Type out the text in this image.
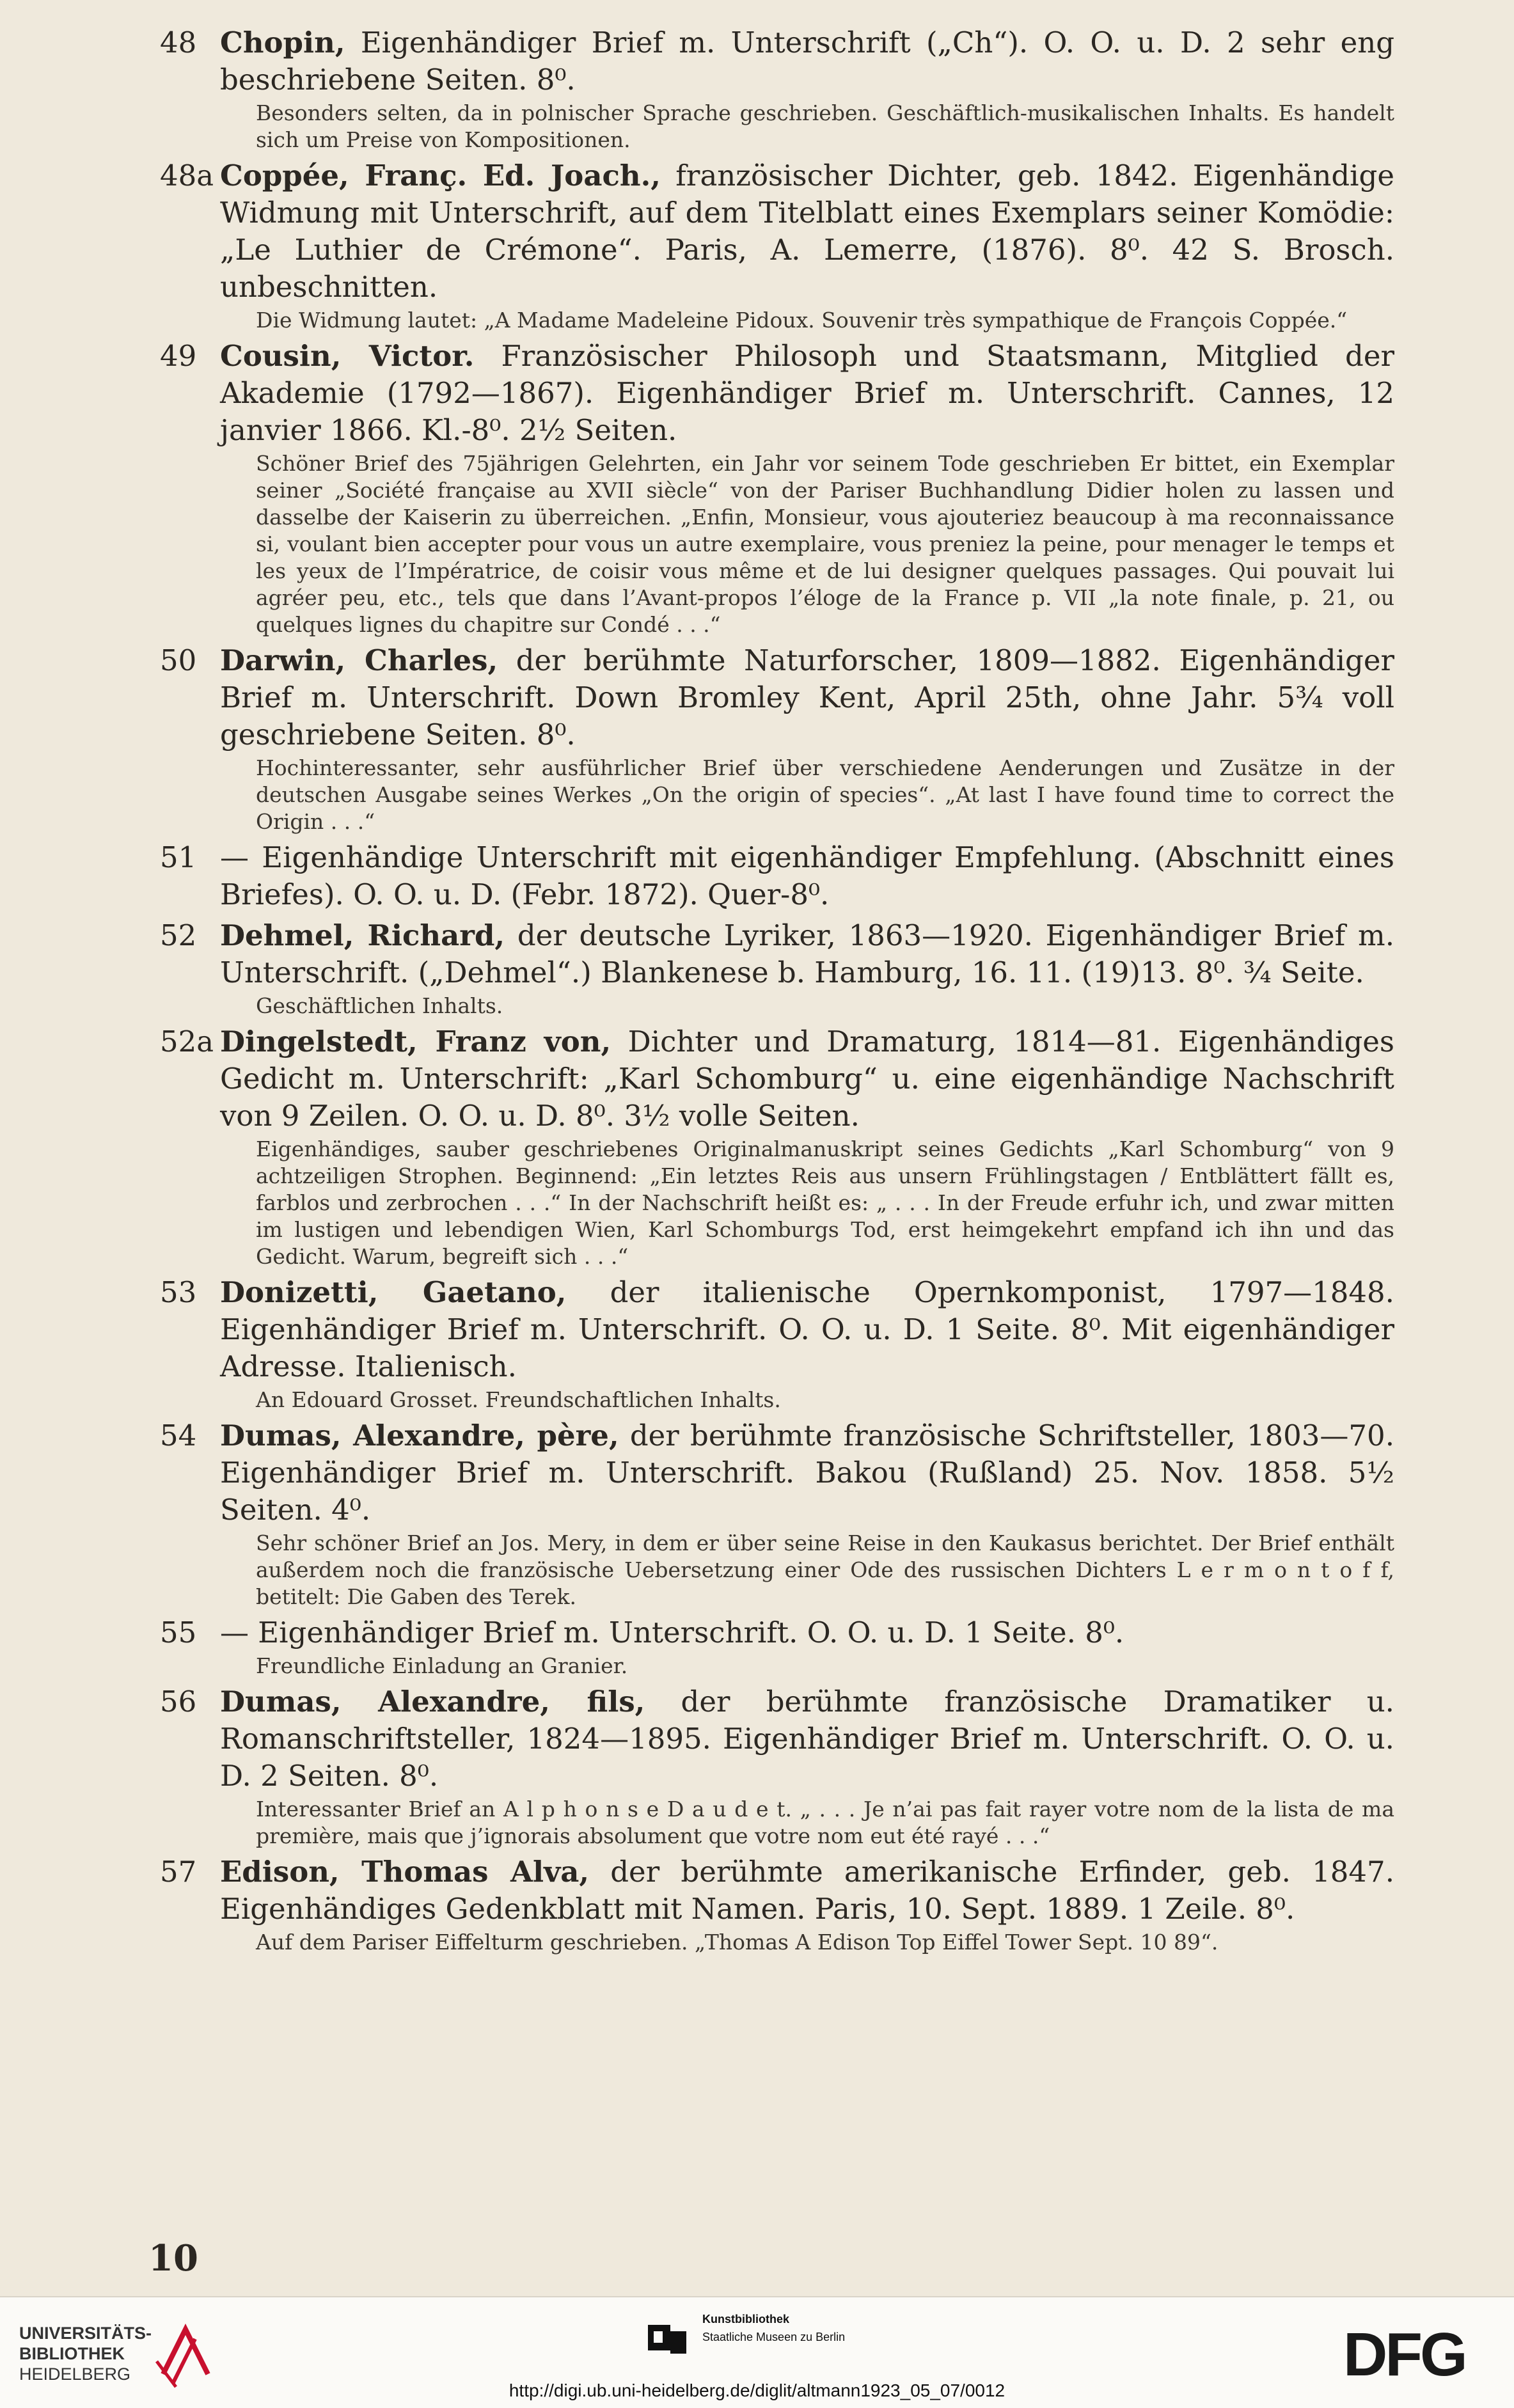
48 Chopin, Eigenhändiger Brief m. Unterschrift („Ch“). O. O. u. D. 2 sehr eng beschriebene Seiten. 8⁰.
Besonders selten, da in polnischer Sprache geschrieben. Geschäftlich-musikalischen Inhalts. Es handelt sich um Preise von Kompositionen.
48a Coppée, Franç. Ed. Joach., französischer Dichter, geb. 1842. Eigenhändige Widmung mit Unterschrift, auf dem Titelblatt eines Exemplars seiner Komödie: „Le Luthier de Crémone“. Paris, A. Lemerre, (1876). 8⁰. 42 S. Brosch. unbeschnitten.
Die Widmung lautet: „A Madame Madeleine Pidoux. Souvenir très sympathique de François Coppée.“
49 Cousin, Victor. Französischer Philosoph und Staatsmann, Mitglied der Akademie (1792—1867). Eigenhändiger Brief m. Unterschrift. Cannes, 12 janvier 1866. Kl.-8⁰. 2½ Seiten.
Schöner Brief des 75jährigen Gelehrten, ein Jahr vor seinem Tode geschrieben Er bittet, ein Exemplar seiner „Société française au XVII siècle“ von der Pariser Buchhandlung Didier holen zu lassen und dasselbe der Kaiserin zu überreichen. „Enfin, Monsieur, vous ajouteriez beaucoup à ma reconnaissance si, voulant bien accepter pour vous un autre exemplaire, vous preniez la peine, pour menager le temps et les yeux de l’Impératrice, de coisir vous même et de lui designer quelques passages. Qui pouvait lui agréer peu, etc., tels que dans l’Avant-propos l’éloge de la France p. VII „la note finale, p. 21, ou quelques lignes du chapitre sur Condé . . .“
50 Darwin, Charles, der berühmte Naturforscher, 1809—1882. Eigenhändiger Brief m. Unterschrift. Down Bromley Kent, April 25th, ohne Jahr. 5¾ voll geschriebene Seiten. 8⁰.
Hochinteressanter, sehr ausführlicher Brief über verschiedene Aenderungen und Zusätze in der deutschen Ausgabe seines Werkes „On the origin of species“. „At last I have found time to correct the Origin . . .“
51 — Eigenhändige Unterschrift mit eigenhändiger Empfehlung. (Abschnitt eines Briefes). O. O. u. D. (Febr. 1872). Quer-8⁰.
52 Dehmel, Richard, der deutsche Lyriker, 1863—1920. Eigenhändiger Brief m. Unterschrift. („Dehmel“.) Blankenese b. Hamburg, 16. 11. (19)13. 8⁰. ¾ Seite.
Geschäftlichen Inhalts.
52a Dingelstedt, Franz von, Dichter und Dramaturg, 1814—81. Eigenhändiges Gedicht m. Unterschrift: „Karl Schomburg“ u. eine eigenhändige Nachschrift von 9 Zeilen. O. O. u. D. 8⁰. 3½ volle Seiten.
Eigenhändiges, sauber geschriebenes Originalmanuskript seines Gedichts „Karl Schomburg“ von 9 achtzeiligen Strophen. Beginnend: „Ein letztes Reis aus unsern Frühlingstagen / Entblättert fällt es, farblos und zerbrochen . . .“ In der Nachschrift heißt es: „ . . . In der Freude erfuhr ich, und zwar mitten im lustigen und lebendigen Wien, Karl Schomburgs Tod, erst heimgekehrt empfand ich ihn und das Gedicht. Warum, begreift sich . . .“
53 Donizetti, Gaetano, der italienische Opernkomponist, 1797—1848. Eigenhändiger Brief m. Unterschrift. O. O. u. D. 1 Seite. 8⁰. Mit eigenhändiger Adresse. Italienisch.
An Edouard Grosset. Freundschaftlichen Inhalts.
54 Dumas, Alexandre, père, der berühmte französische Schriftsteller, 1803—70. Eigenhändiger Brief m. Unterschrift. Bakou (Rußland) 25. Nov. 1858. 5½ Seiten. 4⁰.
Sehr schöner Brief an Jos. Mery, in dem er über seine Reise in den Kaukasus berichtet. Der Brief enthält außerdem noch die französische Uebersetzung einer Ode des russischen Dichters L e r m o n t o f f, betitelt: Die Gaben des Terek.
55 — Eigenhändiger Brief m. Unterschrift. O. O. u. D. 1 Seite. 8⁰.
Freundliche Einladung an Granier.
56 Dumas, Alexandre, fils, der berühmte französische Dramatiker u. Romanschriftsteller, 1824—1895. Eigenhändiger Brief m. Unterschrift. O. O. u. D. 2 Seiten. 8⁰.
Interessanter Brief an A l p h o n s e D a u d e t. „ . . . Je n’ai pas fait rayer votre nom de la lista de ma première, mais que j’ignorais absolument que votre nom eut été rayé . . .“
57 Edison, Thomas Alva, der berühmte amerikanische Erfinder, geb. 1847. Eigenhändiges Gedenkblatt mit Namen. Paris, 10. Sept. 1889. 1 Zeile. 8⁰.
Auf dem Pariser Eiffelturm geschrieben. „Thomas A Edison Top Eiffel Tower Sept. 10 89“.
10
UNIVERSITÄTS-
BIBLIOTHEK
HEIDELBERG
Kunstbibliothek
Staatliche Museen zu Berlin	DFG
http://digi.ub.uni-heidelberg.de/diglit/altmann1923_05_07/0012
